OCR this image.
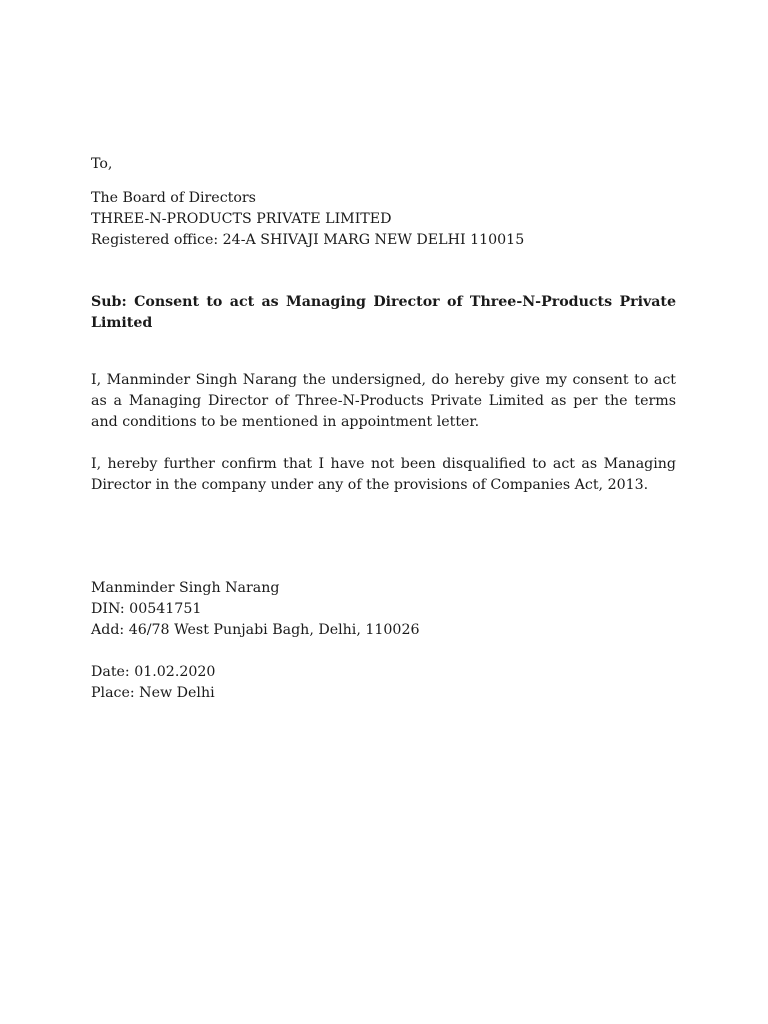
To,

The Board of Directors
THREE-N-PRODUCTS PRIVATE LIMITED
Registered office: 24-A SHIVAJI MARG NEW DELHI 110015

Sub: Consent to act as Managing Director of Three-N-Products Private Limited

I, Manminder Singh Narang the undersigned, do hereby give my consent to act as a Managing Director of Three-N-Products Private Limited as per the terms and conditions to be mentioned in appointment letter.

I, hereby further confirm that I have not been disqualified to act as Managing Director in the company under any of the provisions of Companies Act, 2013.

Manminder Singh Narang
DIN: 00541751
Add: 46/78 West Punjabi Bagh, Delhi, 110026
Date: 01.02.2020
Place: New Delhi
